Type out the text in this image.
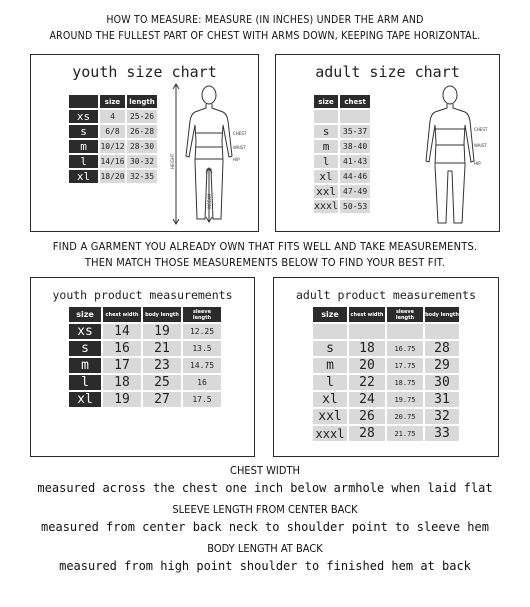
HOW TO MEASURE: MEASURE (IN INCHES) UNDER THE ARM AND
AROUND THE FULLEST PART OF CHEST WITH ARMS DOWN, KEEPING TAPE HORIZONTAL.
youth size chart
	size	length
xs	4	25-26
s	6/8	26-28
m	10/12	28-30
l	14/16	30-32
xl	18/20	32-35
CHEST
WAIST
HIP
HEIGHT
INSEAM
adult size chart
size	chest

s	35-37
m	38-40
l	41-43
xl	44-46
xxl	47-49
xxxl	50-53
CHEST
WAIST
HIP
FIND A GARMENT YOU ALREADY OWN THAT FITS WELL AND TAKE MEASUREMENTS.
THEN MATCH THOSE MEASUREMENTS BELOW TO FIND YOUR BEST FIT.
youth product measurements
size	chest width	body length	sleeve length
xs	14	19	12.25
s	16	21	13.5
m	17	23	14.75
l	18	25	16
xl	19	27	17.5
adult product measurements
size	chest width	sleeve length	body length

s	18	16.75	28
m	20	17.75	29
l	22	18.75	30
xl	24	19.75	31
xxl	26	20.75	32
xxxl	28	21.75	33
CHEST WIDTH
measured across the chest one inch below armhole when laid flat
SLEEVE LENGTH FROM CENTER BACK
measured from center back neck to shoulder point to sleeve hem
BODY LENGTH AT BACK
measured from high point shoulder to finished hem at back
